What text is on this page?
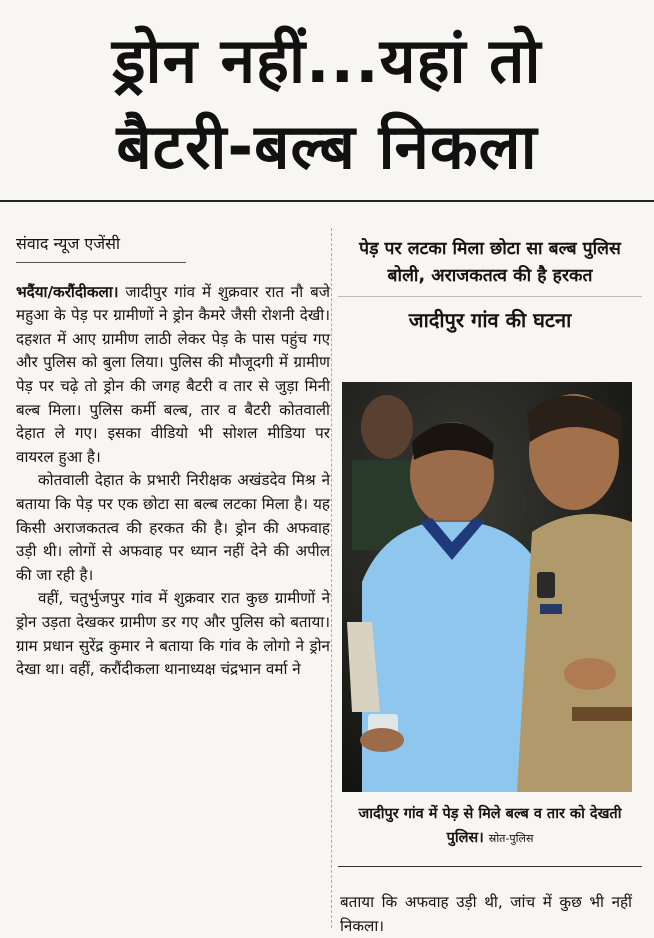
ड्रोन नहीं...यहां तो
बैटरी-बल्ब निकला

संवाद न्यूज एजेंसी

भदैंया/करौंदीकला। जादीपुर गांव में शुक्रवार रात नौ बजे महुआ के पेड़ पर ग्रामीणों ने ड्रोन कैमरे जैसी रोशनी देखी। दहशत में आए ग्रामीण लाठी लेकर पेड़ के पास पहुंच गए और पुलिस को बुला लिया। पुलिस की मौजूदगी में ग्रामीण पेड़ पर चढ़े तो ड्रोन की जगह बैटरी व तार से जुड़ा मिनी बल्ब मिला। पुलिस कर्मी बल्ब, तार व बैटरी कोतवाली देहात ले गए। इसका वीडियो भी सोशल मीडिया पर वायरल हुआ है।

कोतवाली देहात के प्रभारी निरीक्षक अखंडदेव मिश्र ने बताया कि पेड़ पर एक छोटा सा बल्ब लटका मिला है। यह किसी अराजकतत्व की हरकत की है। ड्रोन की अफवाह उड़ी थी। लोगों से अफवाह पर ध्यान नहीं देने की अपील की जा रही है।

वहीं, चतुर्भुजपुर गांव में शुक्रवार रात कुछ ग्रामीणों ने ड्रोन उड़ता देखकर ग्रामीण डर गए और पुलिस को बताया। ग्राम प्रधान सुरेंद्र कुमार ने बताया कि गांव के लोगो ने ड्रोन देखा था। वहीं, करौंदीकला थानाध्यक्ष चंद्रभान वर्मा ने

पेड़ पर लटका मिला छोटा सा बल्ब पुलिस बोली, अराजकतत्व की है हरकत

जादीपुर गांव की घटना

जादीपुर गांव में पेड़ से मिले बल्ब व तार को देखती पुलिस। स्रोत-पुलिस

बताया कि अफवाह उड़ी थी, जांच में कुछ भी नहीं निकला।
